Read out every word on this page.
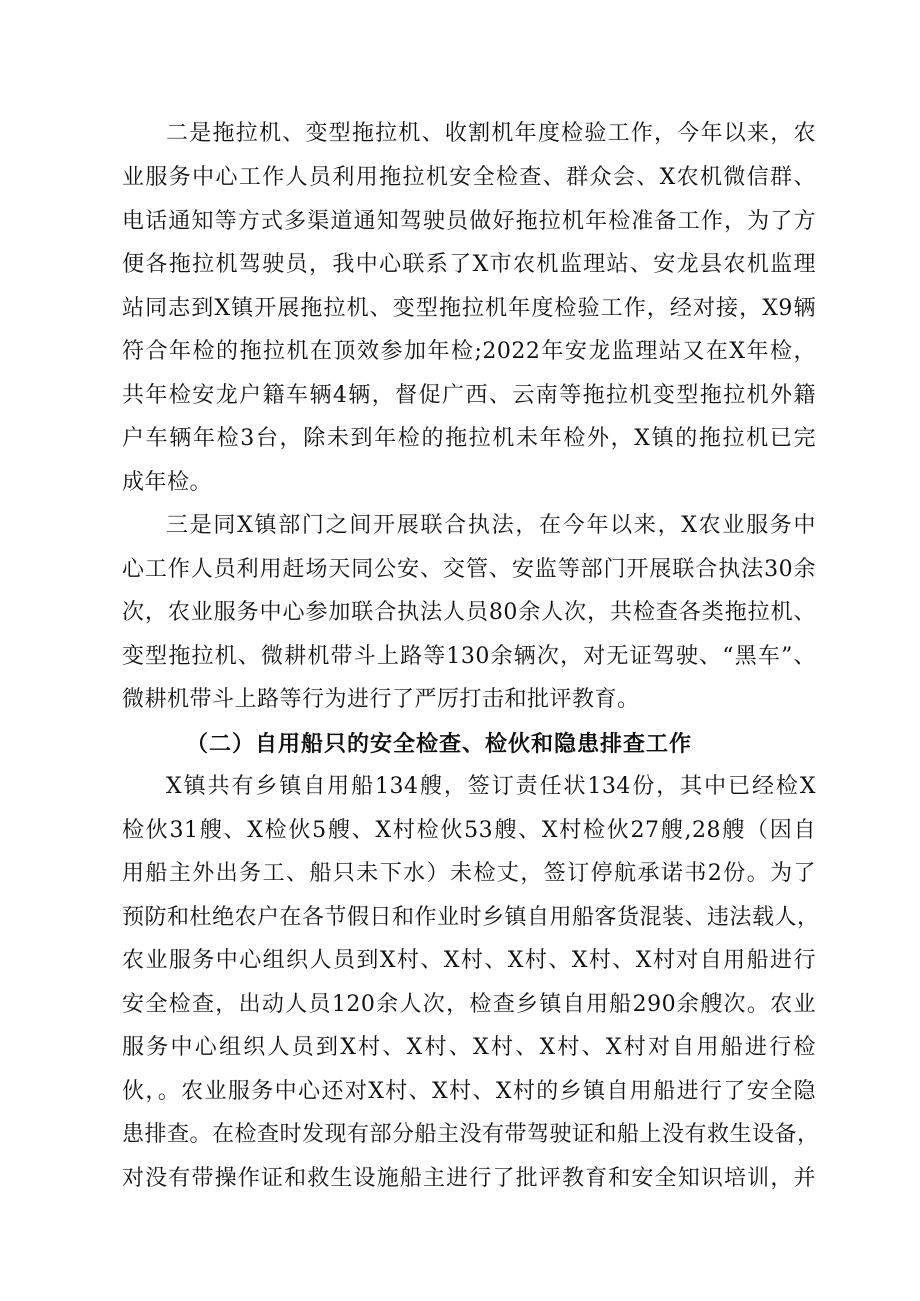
二是拖拉机、变型拖拉机、收割机年度检验工作，今年以来，农
业服务中心工作人员利用拖拉机安全检查、群众会、X农机微信群、
电话通知等方式多渠道通知驾驶员做好拖拉机年检准备工作，为了方
便各拖拉机驾驶员，我中心联系了X市农机监理站、安龙县农机监理
站同志到X镇开展拖拉机、变型拖拉机年度检验工作，经对接，X9辆
符合年检的拖拉机在顶效参加年检;2022年安龙监理站又在X年检，
共年检安龙户籍车辆4辆，督促广西、云南等拖拉机变型拖拉机外籍
户车辆年检3台，除未到年检的拖拉机未年检外，X镇的拖拉机已完
成年检。
三是同X镇部门之间开展联合执法，在今年以来，X农业服务中
心工作人员利用赶场天同公安、交管、安监等部门开展联合执法30余
次，农业服务中心参加联合执法人员80余人次，共检查各类拖拉机、
变型拖拉机、微耕机带斗上路等130余辆次，对无证驾驶、“黑车”、
微耕机带斗上路等行为进行了严厉打击和批评教育。
（二）自用船只的安全检查、检伙和隐患排查工作
X镇共有乡镇自用船134艘，签订责任状134份，其中已经检X
检伙31艘、X检伙5艘、X村检伙53艘、X村检伙27艘,28艘（因自
用船主外出务工、船只未下水）未检丈，签订停航承诺书2份。为了
预防和杜绝农户在各节假日和作业时乡镇自用船客货混装、违法载人，
农业服务中心组织人员到X村、X村、X村、X村、X村对自用船进行
安全检查，出动人员120余人次，检查乡镇自用船290余艘次。农业
服务中心组织人员到X村、X村、X村、X村、X村对自用船进行检
伙，。农业服务中心还对X村、X村、X村的乡镇自用船进行了安全隐
患排查。在检查时发现有部分船主没有带驾驶证和船上没有救生设备，
对没有带操作证和救生设施船主进行了批评教育和安全知识培训，并
